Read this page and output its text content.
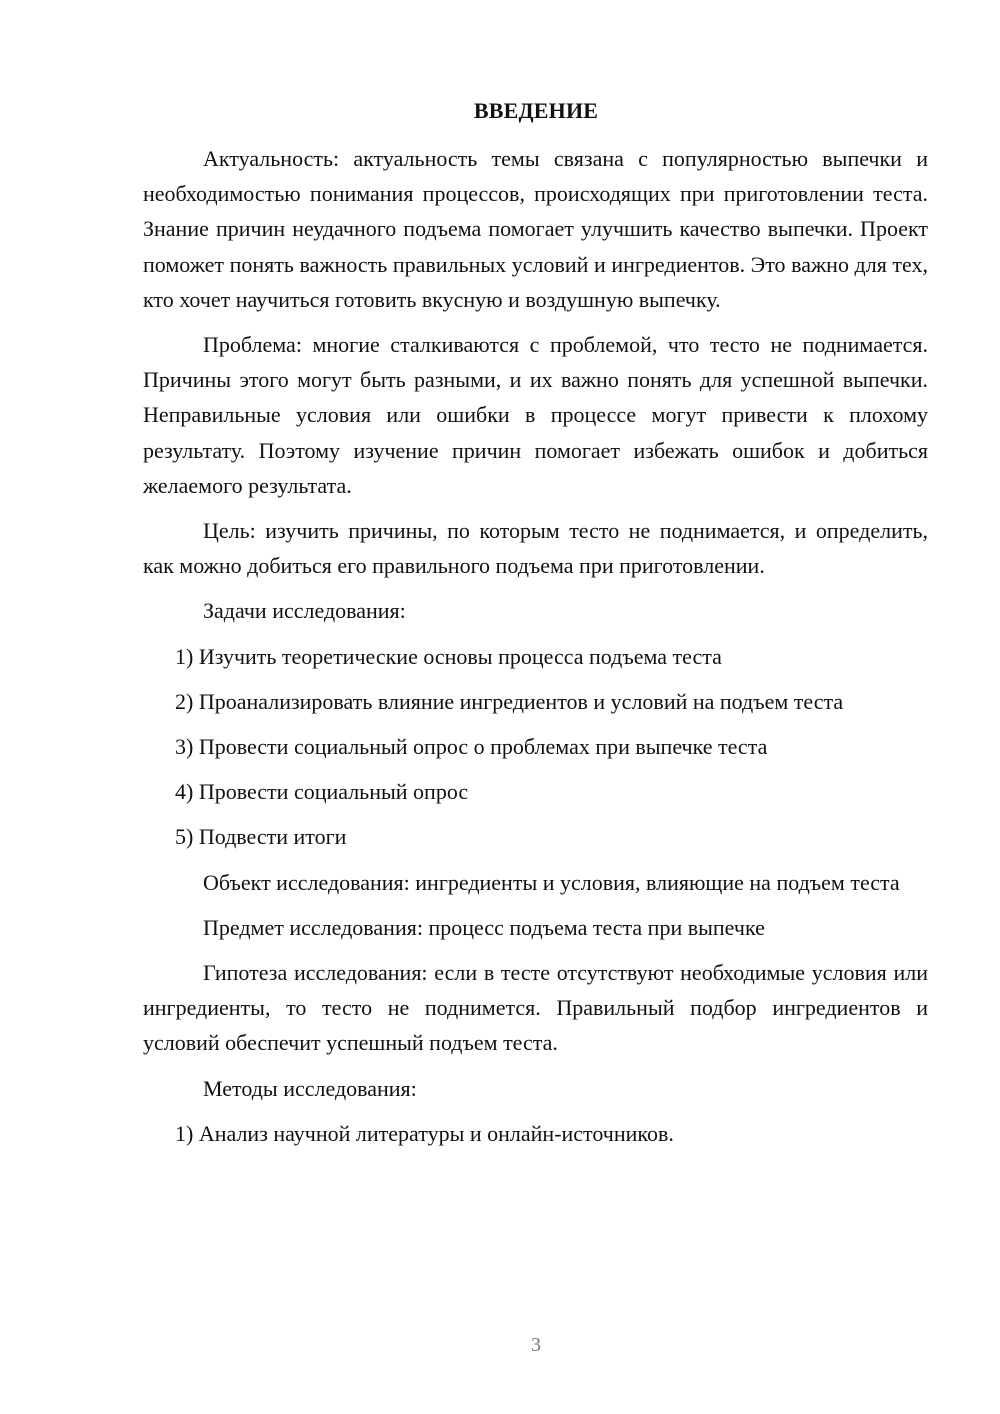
ВВЕДЕНИЕ

Актуальность: актуальность темы связана с популярностью выпечки и необходимостью понимания процессов, происходящих при приготовлении теста. Знание причин неудачного подъема помогает улучшить качество выпечки. Проект поможет понять важность правильных условий и ингредиентов. Это важно для тех, кто хочет научиться готовить вкусную и воздушную выпечку.

Проблема: многие сталкиваются с проблемой, что тесто не поднимается. Причины этого могут быть разными, и их важно понять для успешной выпечки. Неправильные условия или ошибки в процессе могут привести к плохому результату. Поэтому изучение причин помогает избежать ошибок и добиться желаемого результата.

Цель: изучить причины, по которым тесто не поднимается, и определить, как можно добиться его правильного подъема при приготовлении.

Задачи исследования:

1) Изучить теоретические основы процесса подъема теста

2) Проанализировать влияние ингредиентов и условий на подъем теста

3) Провести социальный опрос о проблемах при выпечке теста

4) Провести социальный опрос

5) Подвести итоги

Объект исследования: ингредиенты и условия, влияющие на подъем теста

Предмет исследования: процесс подъема теста при выпечке

Гипотеза исследования: если в тесте отсутствуют необходимые условия или ингредиенты, то тесто не поднимется. Правильный подбор ингредиентов и условий обеспечит успешный подъем теста.

Методы исследования:

1) Анализ научной литературы и онлайн-источников.

3
